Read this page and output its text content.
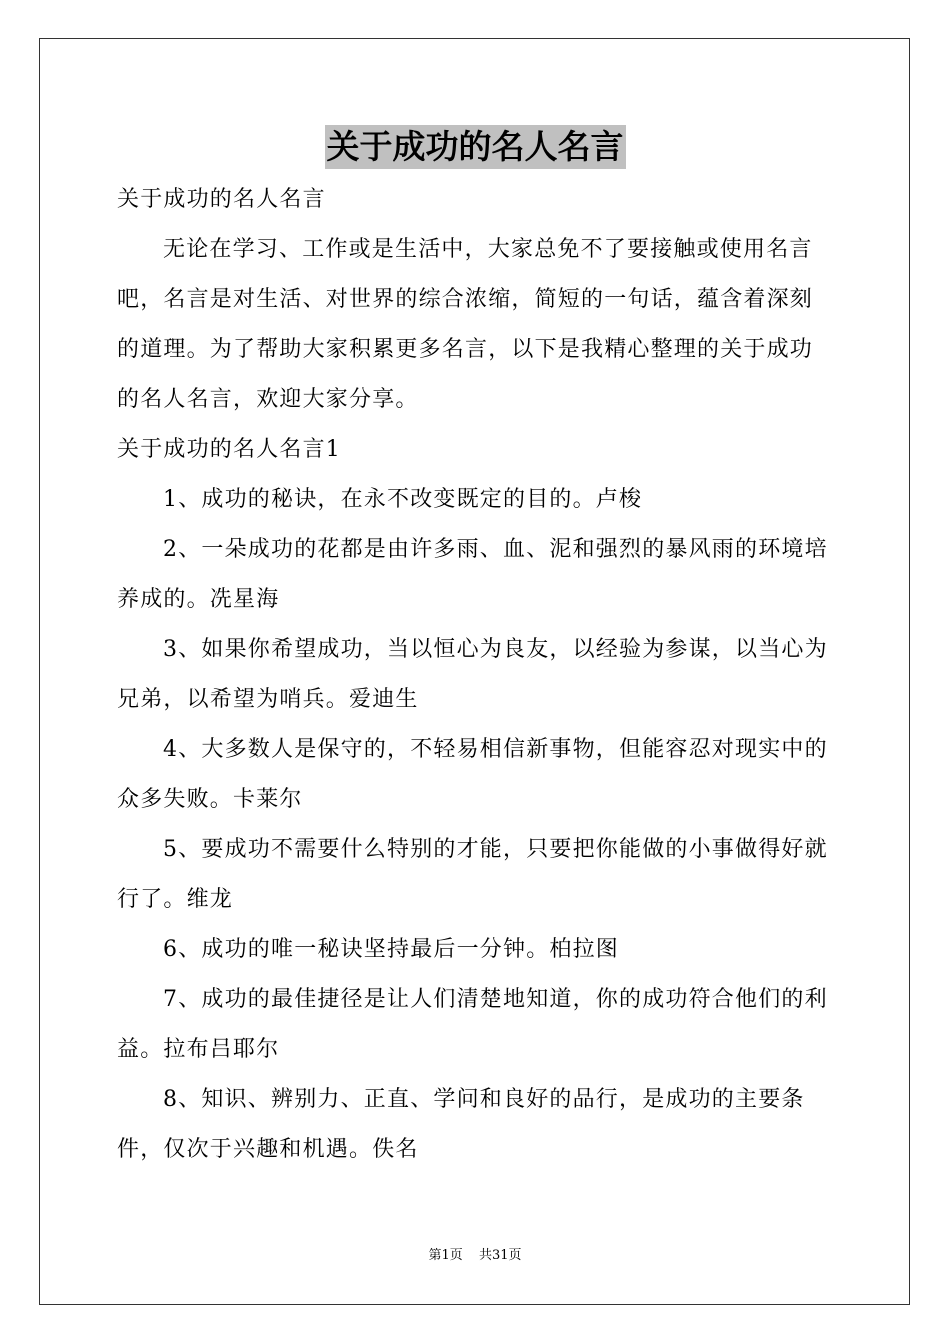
关于成功的名人名言

关于成功的名人名言

无论在学习、工作或是生活中，大家总免不了要接触或使用名言吧，名言是对生活、对世界的综合浓缩，简短的一句话，蕴含着深刻的道理。为了帮助大家积累更多名言，以下是我精心整理的关于成功的名人名言，欢迎大家分享。

关于成功的名人名言1

1、成功的秘诀，在永不改变既定的目的。卢梭

2、一朵成功的花都是由许多雨、血、泥和强烈的暴风雨的环境培养成的。冼星海

3、如果你希望成功，当以恒心为良友，以经验为参谋，以当心为兄弟，以希望为哨兵。爱迪生

4、大多数人是保守的，不轻易相信新事物，但能容忍对现实中的众多失败。卡莱尔

5、要成功不需要什么特别的才能，只要把你能做的小事做得好就行了。维龙

6、成功的唯一秘诀坚持最后一分钟。柏拉图

7、成功的最佳捷径是让人们清楚地知道，你的成功符合他们的利益。拉布吕耶尔

8、知识、辨别力、正直、学问和良好的品行，是成功的主要条件，仅次于兴趣和机遇。佚名

第1页 共31页
